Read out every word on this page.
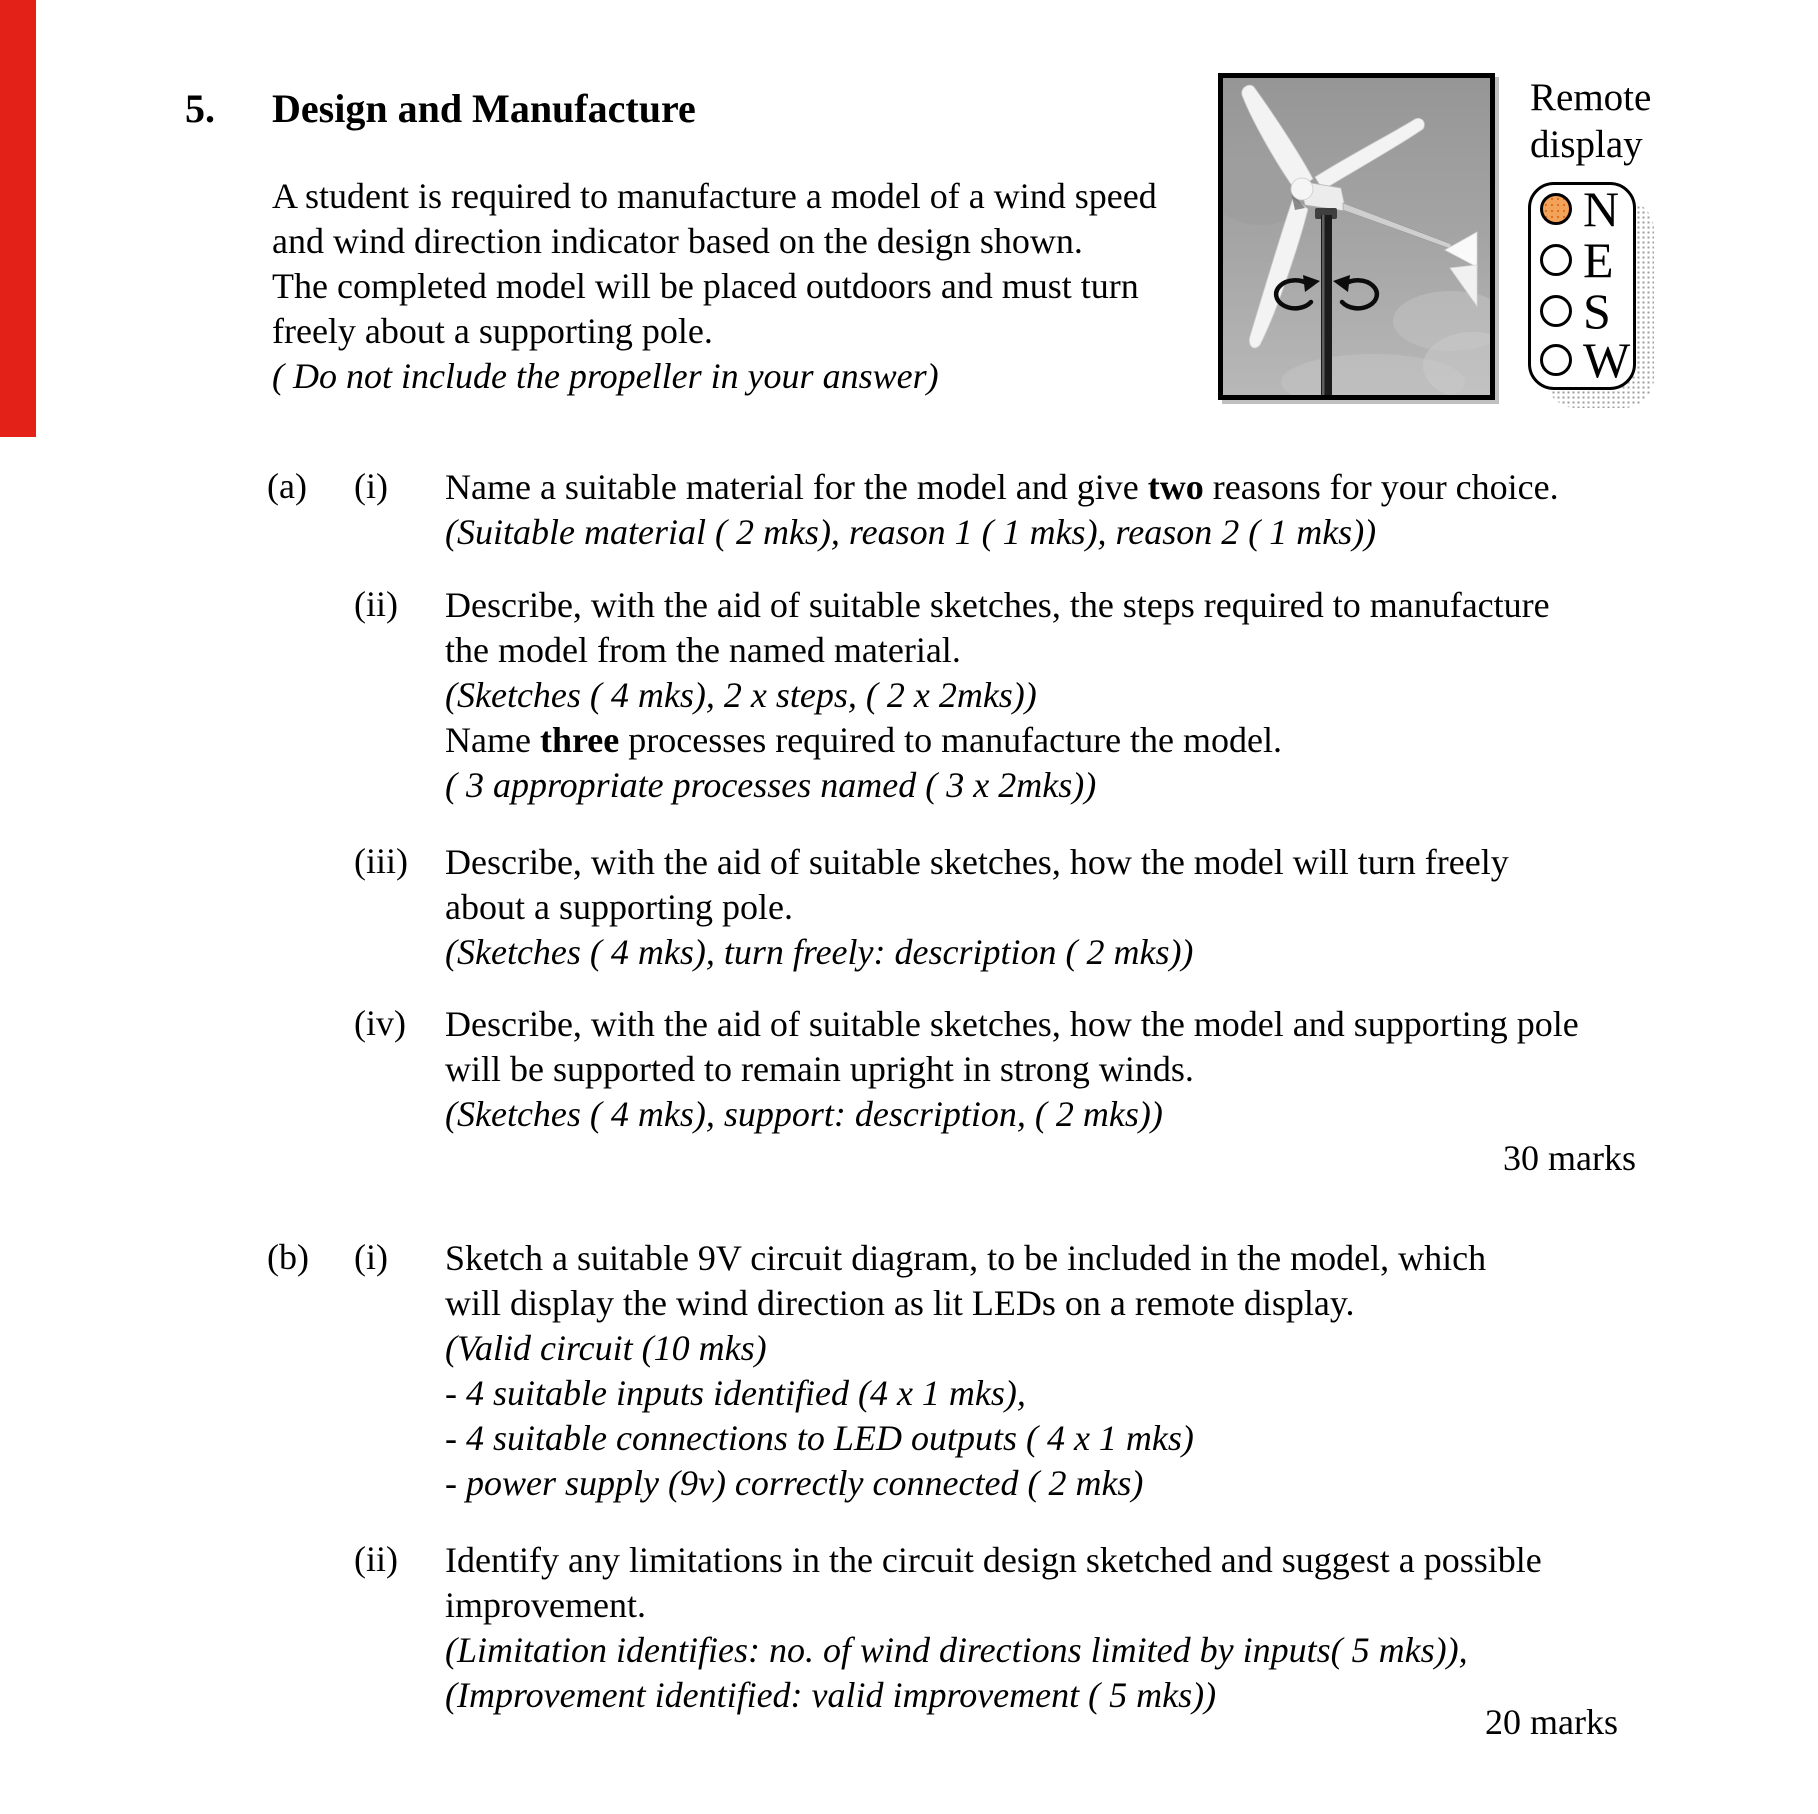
5. Design and Manufacture
A student is required to manufacture a model of a wind speed
and wind direction indicator based on the design shown.
The completed model will be placed outdoors and must turn
freely about a supporting pole.
( Do not include the propeller in your answer)
Remote
display
N
E
S
W
(a) (i) Name a suitable material for the model and give two reasons for your choice.
(Suitable material ( 2 mks), reason 1 ( 1 mks), reason 2 ( 1 mks))
(ii) Describe, with the aid of suitable sketches, the steps required to manufacture
the model from the named material.
(Sketches ( 4 mks), 2 x steps, ( 2 x 2mks))
Name three processes required to manufacture the model.
( 3 appropriate processes named ( 3 x 2mks))
(iii) Describe, with the aid of suitable sketches, how the model will turn freely
about a supporting pole.
(Sketches ( 4 mks), turn freely: description ( 2 mks))
(iv) Describe, with the aid of suitable sketches, how the model and supporting pole
will be supported to remain upright in strong winds.
(Sketches ( 4 mks), support: description, ( 2 mks))
30 marks
(b) (i) Sketch a suitable 9V circuit diagram, to be included in the model, which
will display the wind direction as lit LEDs on a remote display.
(Valid circuit (10 mks)
- 4 suitable inputs identified (4 x 1 mks),
- 4 suitable connections to LED outputs ( 4 x 1 mks)
- power supply (9v) correctly connected ( 2 mks)
(ii) Identify any limitations in the circuit design sketched and suggest a possible
improvement.
(Limitation identifies: no. of wind directions limited by inputs( 5 mks)),
(Improvement identified: valid improvement ( 5 mks))
20 marks
